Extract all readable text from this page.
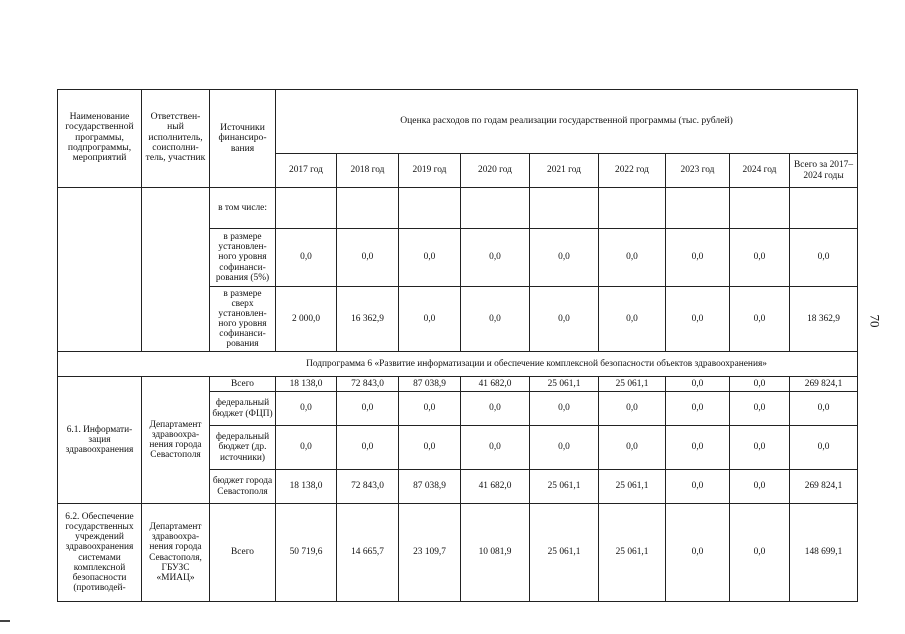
Наименование государственной программы, подпрограммы, мероприятий	Ответствен-ный исполнитель, соисполни-тель, участник	Источники финансиро-вания	Оценка расходов по годам реализации государственной программы (тыс. рублей)								
			2017 год	2018 год	2019 год	2020 год	2021 год	2022 год	2023 год	2024 год	Всего за 2017–2024 годы
		в том числе:									
		в размере установлен-ного уровня софинанси-рования (5%)	0,0	0,0	0,0	0,0	0,0	0,0	0,0	0,0	0,0
		в размере сверх установлен-ного уровня софинанси-рования	2 000,0	16 362,9	0,0	0,0	0,0	0,0	0,0	0,0	18 362,9
Подпрограмма 6 «Развитие информатизации и обеспечение комплексной безопасности объектов здравоохранения»											
6.1. Информати-зация здравоохранения	Департамент здравоохра-нения города Севастополя	Всего	18 138,0	72 843,0	87 038,9	41 682,0	25 061,1	25 061,1	0,0	0,0	269 824,1
		федеральный бюджет (ФЦП)	0,0	0,0	0,0	0,0	0,0	0,0	0,0	0,0	0,0
		федеральный бюджет (др. источники)	0,0	0,0	0,0	0,0	0,0	0,0	0,0	0,0	0,0
		бюджет города Севастополя	18 138,0	72 843,0	87 038,9	41 682,0	25 061,1	25 061,1	0,0	0,0	269 824,1
6.2. Обеспечение государственных учреждений здравоохранения системами комплексной безопасности (противодей-	Департамент здравоохра-нения города Севастополя, ГБУЗС «МИАЦ»	Всего	50 719,6	14 665,7	23 109,7	10 081,9	25 061,1	25 061,1	0,0	0,0	148 699,1
70
